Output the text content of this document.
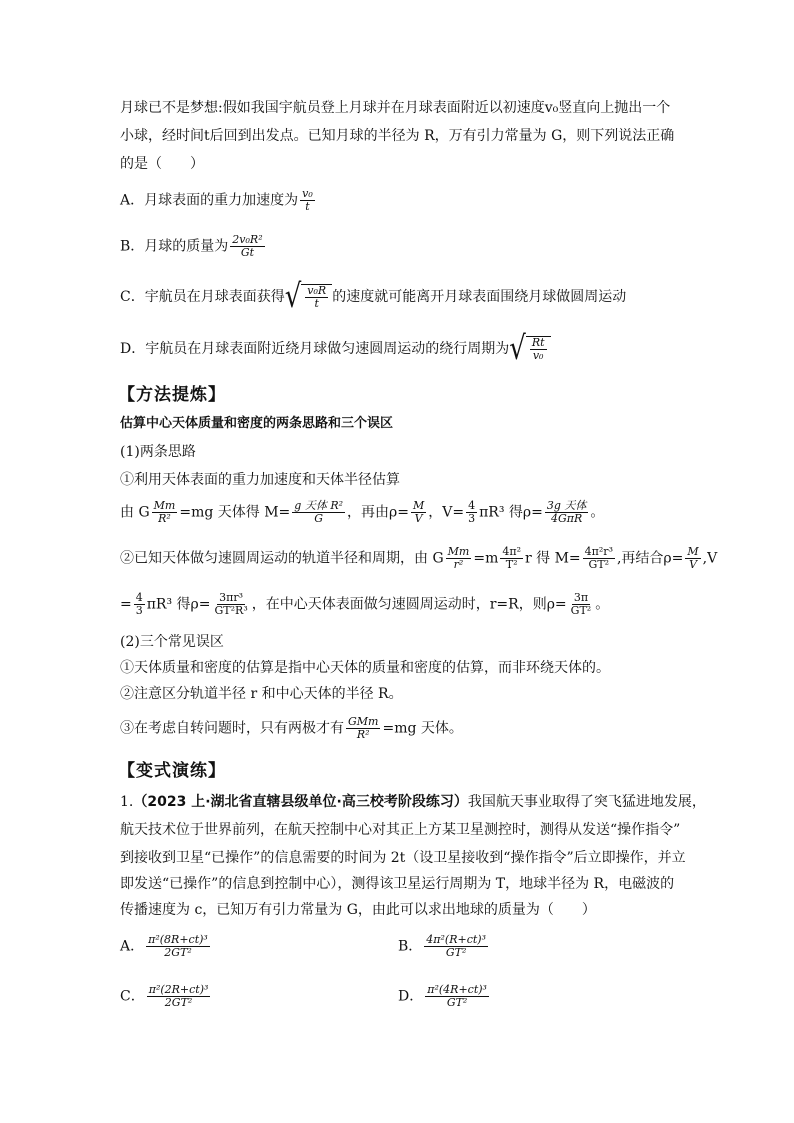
月球已不是梦想:假如我国宇航员登上月球并在月球表面附近以初速度v₀竖直向上抛出一个
小球，经时间t后回到出发点。已知月球的半径为 R，万有引力常量为 G，则下列说法正确
的是（　　）
A．月球表面的重力加速度为 $\frac{\text{v₀}}{t}$
B．月球的质量为 $\frac{\text{2v₀R²}}{Gt}$
C．宇航员在月球表面获得 √ $\frac{\text{v₀R}}{t}$ 的速度就可能离开月球表面围绕月球做圆周运动
D．宇航员在月球表面附近绕月球做匀速圆周运动的绕行周期为 √ $\frac{Rt}{\text{v₀}}$
【方法提炼】
估算中心天体质量和密度的两条思路和三个误区
(1)两条思路
①利用天体表面的重力加速度和天体半径估算
由 G $\frac{Mm}{\text{R²}} =mg$ 天体得 $M= \frac{\text{g 天体 R²}}{G}$ ，再由$\rho= \frac{M}{V}$ ，$V= \frac{4}{3} \pi R^3$ 得$\rho= \frac{\text{3g 天体}}{\text{4GπR}}$ 。
②已知天体做匀速圆周运动的轨道半径和周期，由 G $\frac{Mm}{\text{r²}} =m \frac{\text{4π²}}{\text{T²}}$ r 得 $M= \frac{\text{4π²r³}}{\text{GT²}}$ ,再结合$\rho= \frac{M}{V} ,V$
= $\frac{4}{3} \pi R^3$ 得$\rho= \frac{\text{3πr³}}{\text{GT²R³}}$ ，在中心天体表面做匀速圆周运动时，r=R，则$\rho= \frac{3\pi}{\text{GT²}}$ 。
(2)三个常见误区
①天体质量和密度的估算是指中心天体的质量和密度的估算，而非环绕天体的。
②注意区分轨道半径 r 和中心天体的半径 R。
③在考虑自转问题时，只有两极才有 $\frac{\text{GMm}}{\text{R²}} =mg$ 天体。
【变式演练】
1.（2023 上·湖北省直辖县级单位·高三校考阶段练习）我国航天事业取得了突飞猛进地发展，
航天技术位于世界前列，在航天控制中心对其正上方某卫星测控时，测得从发送“操作指令”
到接收到卫星“已操作”的信息需要的时间为 2t（设卫星接收到“操作指令”后立即操作，并立
即发送“已操作”的信息到控制中心），测得该卫星运行周期为 T，地球半径为 R，电磁波的
传播速度为 c，已知万有引力常量为 G，由此可以求出地球的质量为（　　）
A． $\frac{\text{π²(8R+ct)³}}{\text{2GT²}}$	B． $\frac{\text{4π²(R+ct)³}}{\text{GT²}}$
C． $\frac{\text{π²(2R+ct)³}}{\text{2GT²}}$	D． $\frac{\text{π²(4R+ct)³}}{\text{GT²}}$
